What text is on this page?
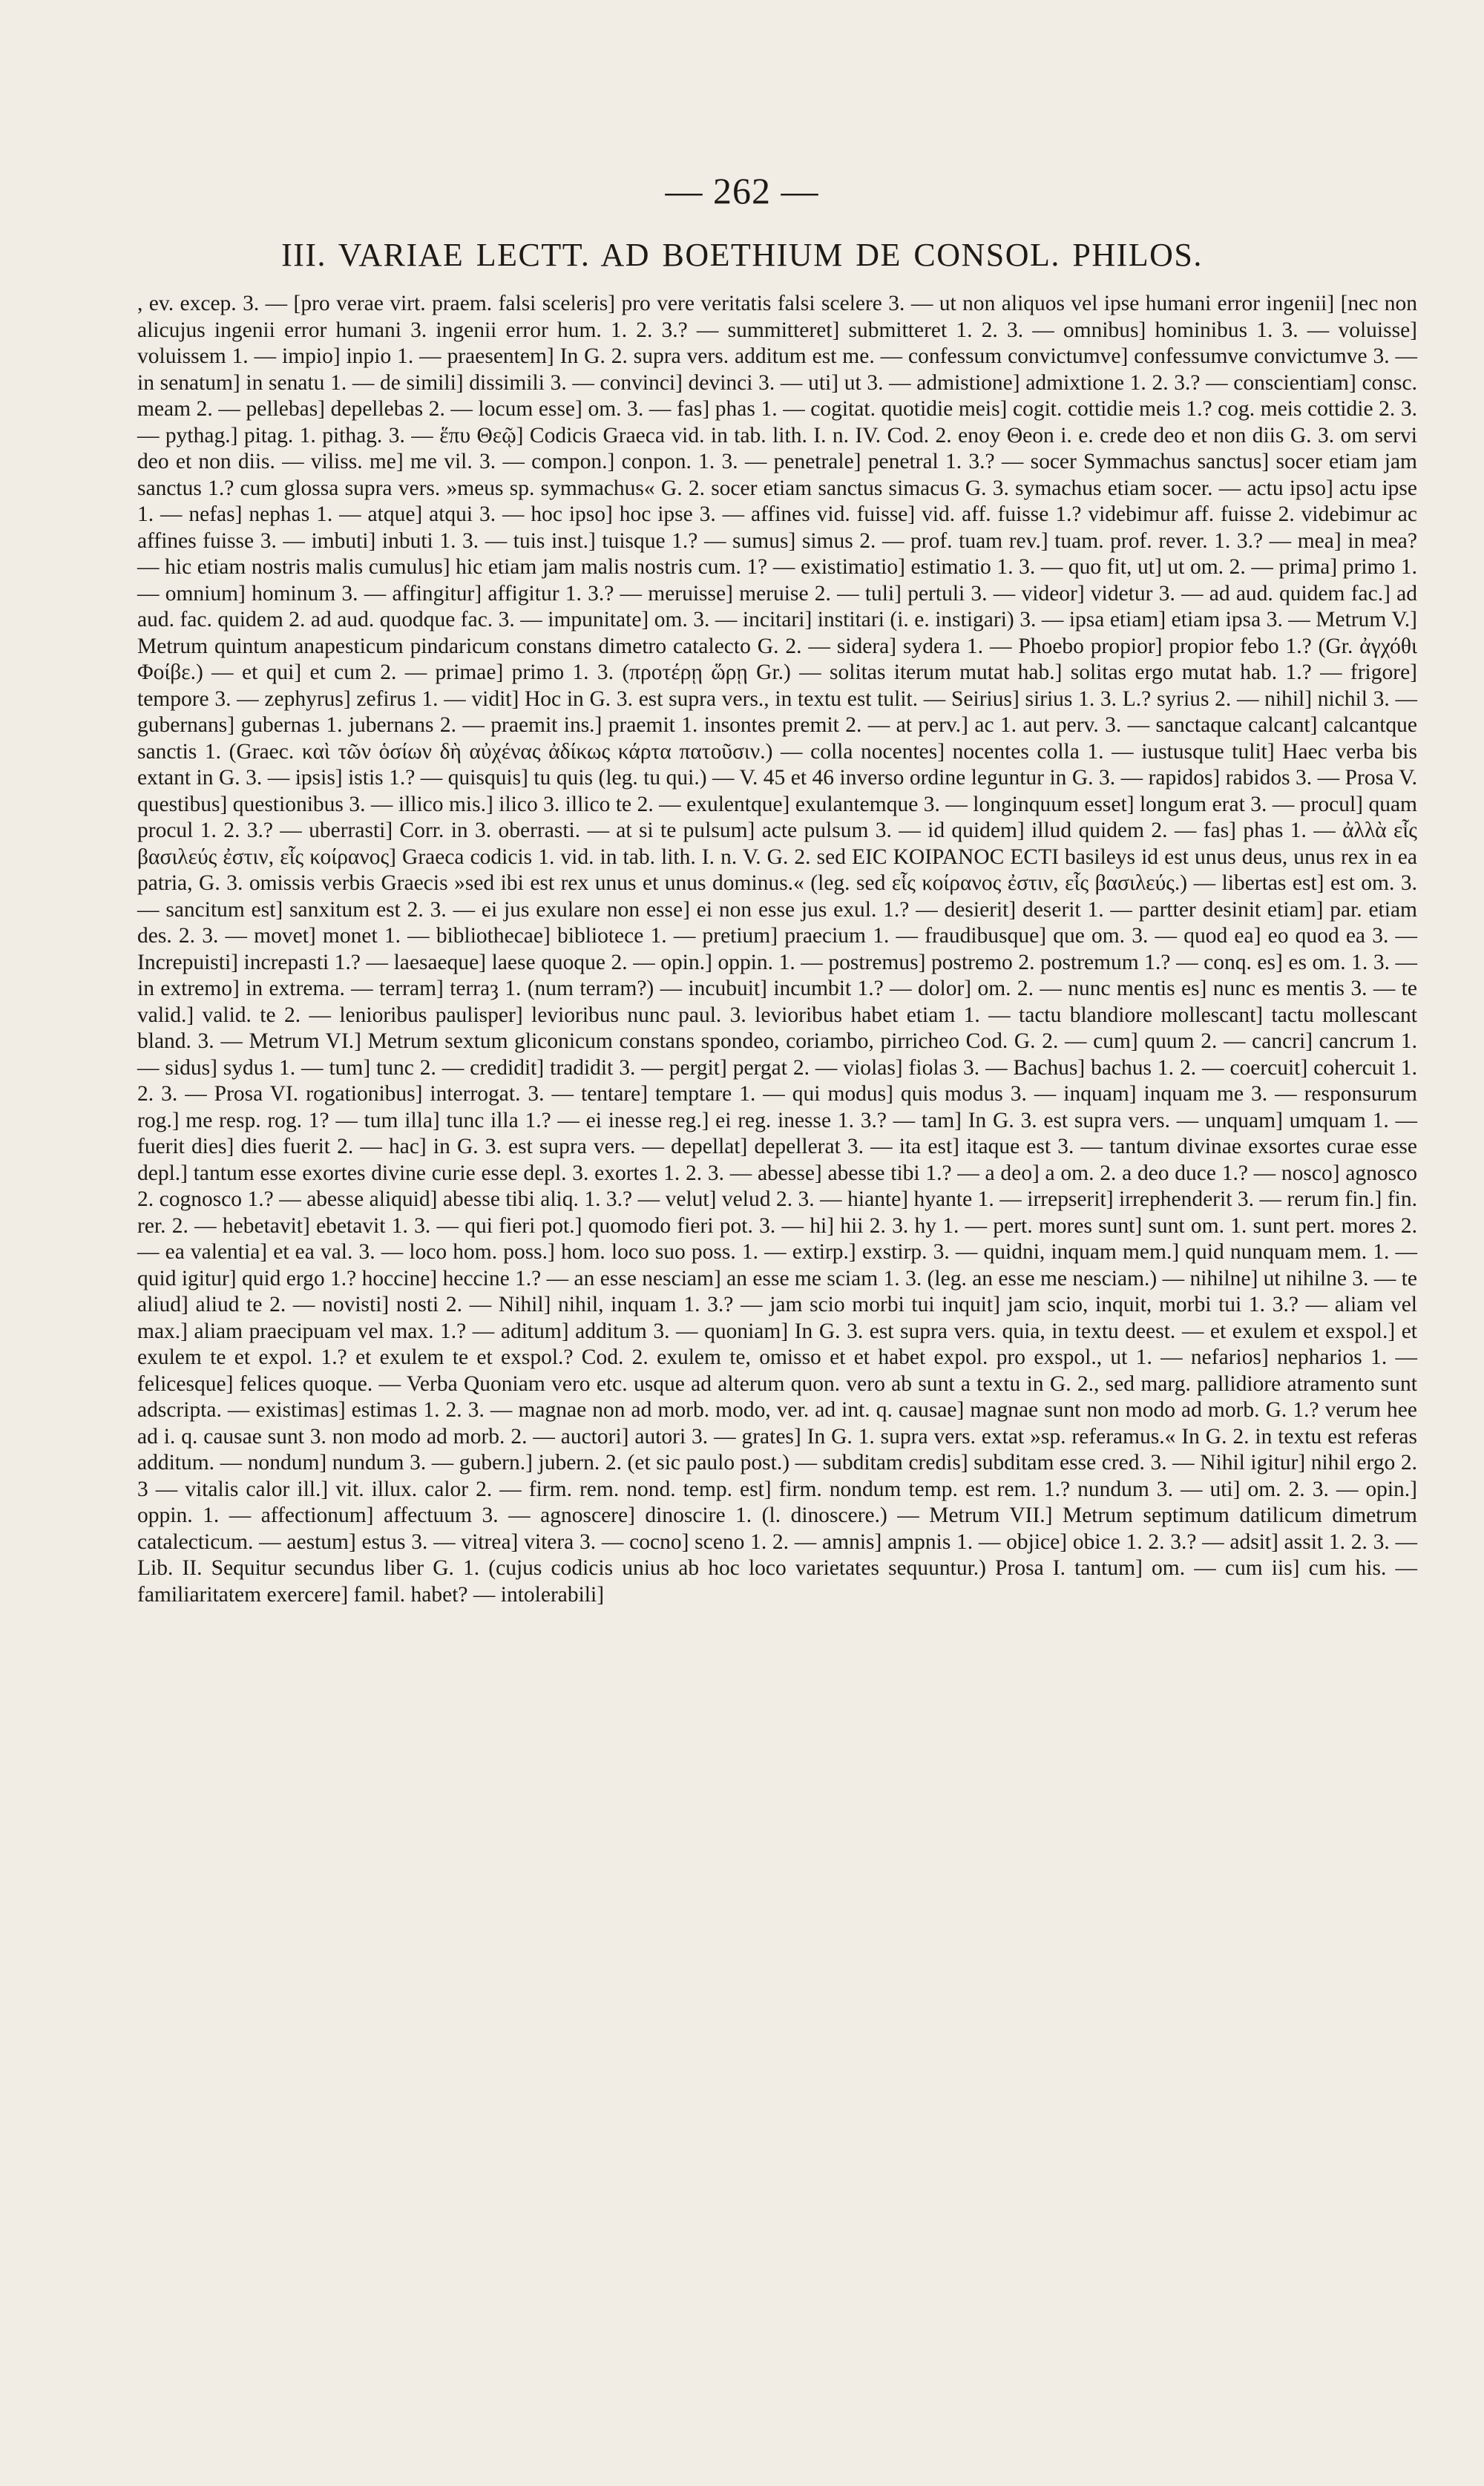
— 262 —
III. VARIAE LECTT. AD BOETHIUM DE CONSOL. PHILOS.

, ev. excep. 3. — [pro verae virt. praem. falsi sceleris] pro vere veritatis falsi scelere 3. — ut non aliquos vel ipse humani error ingenii] [nec non alicujus ingenii error humani 3. ingenii error hum. 1. 2. 3.? — summitteret] submitteret 1. 2. 3. — omnibus] hominibus 1. 3. — voluisse] voluissem 1. — impio] inpio 1. — praesentem] In G. 2. supra vers. additum est me. — confessum convictumve] confessumve convictumve 3. — in senatum] in senatu 1. — de simili] dissimili 3. — convinci] devinci 3. — uti] ut 3. — admistione] admixtione 1. 2. 3.? — conscientiam] consc. meam 2. — pellebas] depellebas 2. — locum esse] om. 3. — fas] phas 1. — cogitat. quotidie meis] cogit. cottidie meis 1.? cog. meis cottidie 2. 3. — pythag.] pitag. 1. pithag. 3. — ἕπυ Θεῷ] Codicis Graeca vid. in tab. lith. I. n. IV. Cod. 2. enoy Θeon i. e. crede deo et non diis G. 3. om servi deo et non diis. — viliss. me] me vil. 3. — compon.] conpon. 1. 3. — penetrale] penetral 1. 3.? — socer Symmachus sanctus] socer etiam jam sanctus 1.? cum glossa supra vers. »meus sp. symmachus« G. 2. socer etiam sanctus simacus G. 3. symachus etiam socer. — actu ipso] actu ipse 1. — nefas] nephas 1. — atque] atqui 3. — hoc ipso] hoc ipse 3. — affines vid. fuisse] vid. aff. fuisse 1.? videbimur aff. fuisse 2. videbimur ac affines fuisse 3. — imbuti] inbuti 1. 3. — tuis inst.] tuisque 1.? — sumus] simus 2. — prof. tuam rev.] tuam. prof. rever. 1. 3.? — mea] in mea? — hic etiam nostris malis cumulus] hic etiam jam malis nostris cum. 1? — existimatio] estimatio 1. 3. — quo fit, ut] ut om. 2. — prima] primo 1. — omnium] hominum 3. — affingitur] affigitur 1. 3.? — meruisse] meruise 2. — tuli] pertuli 3. — videor] videtur 3. — ad aud. quidem fac.] ad aud. fac. quidem 2. ad aud. quodque fac. 3. — impunitate] om. 3. — incitari] institari (i. e. instigari) 3. — ipsa etiam] etiam ipsa 3. — Metrum V.] Metrum quintum anapesticum pindaricum constans dimetro catalecto G. 2. — sidera] sydera 1. — Phoebo propior] propior febo 1.? (Gr. ἀγχόθι Φοίβε.) — et qui] et cum 2. — primae] primo 1. 3. (προτέρῃ ὥρῃ Gr.) — solitas iterum mutat hab.] solitas ergo mutat hab. 1.? — frigore] tempore 3. — zephyrus] zefirus 1. — vidit] Hoc in G. 3. est supra vers., in textu est tulit. — Seirius] sirius 1. 3. L.? syrius 2. — nihil] nichil 3. — gubernans] gubernas 1. jubernans 2. — praemit ins.] praemit 1. insontes premit 2. — at perv.] ac 1. aut perv. 3. — sanctaque calcant] calcantque sanctis 1. (Graec. καὶ τῶν ὁσίων δὴ αὐχένας ἀδίκως κάρτα πατοῦσιν.) — colla nocentes] nocentes colla 1. — iustusque tulit] Haec verba bis extant in G. 3. — ipsis] istis 1.? — quisquis] tu quis (leg. tu qui.) — V. 45 et 46 inverso ordine leguntur in G. 3. — rapidos] rabidos 3. — Prosa V. questibus] questionibus 3. — illico mis.] ilico 3. illico te 2. — exulentque] exulantemque 3. — longinquum esset] longum erat 3. — procul] quam procul 1. 2. 3.? — uberrasti] Corr. in 3. oberrasti. — at si te pulsum] acte pulsum 3. — id quidem] illud quidem 2. — fas] phas 1. — ἀλλὰ εἷς βασιλεύς ἐστιν, εἷς κοίρανος] Graeca codicis 1. vid. in tab. lith. I. n. V. G. 2. sed EIC KOIPANOC ECTI basileys id est unus deus, unus rex in ea patria, G. 3. omissis verbis Graecis »sed ibi est rex unus et unus dominus.« (leg. sed εἷς κοίρανος ἐστιν, εἷς βασιλεύς.) — libertas est] est om. 3. — sancitum est] sanxitum est 2. 3. — ei jus exulare non esse] ei non esse jus exul. 1.? — desierit] deserit 1. — partter desinit etiam] par. etiam des. 2. 3. — movet] monet 1. — bibliothecae] bibliotece 1. — pretium] praecium 1. — fraudibusque] que om. 3. — quod ea] eo quod ea 3. — Increpuisti] increpasti 1.? — laesaeque] laese quoque 2. — opin.] oppin. 1. — postremus] postremo 2. postremum 1.? — conq. es] es om. 1. 3. — in extremo] in extrema. — terram] terraȝ 1. (num terram?) — incubuit] incumbit 1.? — dolor] om. 2. — nunc mentis es] nunc es mentis 3. — te valid.] valid. te 2. — lenioribus paulisper] levioribus nunc paul. 3. levioribus habet etiam 1. — tactu blandiore mollescant] tactu mollescant bland. 3. — Metrum VI.] Metrum sextum gliconicum constans spondeo, coriambo, pirricheo Cod. G. 2. — cum] quum 2. — cancri] cancrum 1. — sidus] sydus 1. — tum] tunc 2. — credidit] tradidit 3. — pergit] pergat 2. — violas] fiolas 3. — Bachus] bachus 1. 2. — coercuit] cohercuit 1. 2. 3. — Prosa VI. rogationibus] interrogat. 3. — tentare] temptare 1. — qui modus] quis modus 3. — inquam] inquam me 3. — responsurum rog.] me resp. rog. 1? — tum illa] tunc illa 1.? — ei inesse reg.] ei reg. inesse 1. 3.? — tam] In G. 3. est supra vers. — unquam] umquam 1. — fuerit dies] dies fuerit 2. — hac] in G. 3. est supra vers. — depellat] depellerat 3. — ita est] itaque est 3. — tantum divinae exsortes curae esse depl.] tantum esse exortes divine curie esse depl. 3. exortes 1. 2. 3. — abesse] abesse tibi 1.? — a deo] a om. 2. a deo duce 1.? — nosco] agnosco 2. cognosco 1.? — abesse aliquid] abesse tibi aliq. 1. 3.? — velut] velud 2. 3. — hiante] hyante 1. — irrepserit] irrephenderit 3. — rerum fin.] fin. rer. 2. — hebetavit] ebetavit 1. 3. — qui fieri pot.] quomodo fieri pot. 3. — hi] hii 2. 3. hy 1. — pert. mores sunt] sunt om. 1. sunt pert. mores 2. — ea valentia] et ea val. 3. — loco hom. poss.] hom. loco suo poss. 1. — extirp.] exstirp. 3. — quidni, inquam mem.] quid nunquam mem. 1. — quid igitur] quid ergo 1.? hoccine] heccine 1.? — an esse nesciam] an esse me sciam 1. 3. (leg. an esse me nesciam.) — nihilne] ut nihilne 3. — te aliud] aliud te 2. — novisti] nosti 2. — Nihil] nihil, inquam 1. 3.? — jam scio morbi tui inquit] jam scio, inquit, morbi tui 1. 3.? — aliam vel max.] aliam praecipuam vel max. 1.? — aditum] additum 3. — quoniam] In G. 3. est supra vers. quia, in textu deest. — et exulem et exspol.] et exulem te et expol. 1.? et exulem te et exspol.? Cod. 2. exulem te, omisso et et habet expol. pro exspol., ut 1. — nefarios] nepharios 1. — felicesque] felices quoque. — Verba Quoniam vero etc. usque ad alterum quon. vero ab sunt a textu in G. 2., sed marg. pallidiore atramento sunt adscripta. — existimas] estimas 1. 2. 3. — magnae non ad morb. modo, ver. ad int. q. causae] magnae sunt non modo ad morb. G. 1.? verum hee ad i. q. causae sunt 3. non modo ad morb. 2. — auctori] autori 3. — grates] In G. 1. supra vers. extat »sp. referamus.« In G. 2. in textu est referas additum. — nondum] nundum 3. — gubern.] jubern. 2. (et sic paulo post.) — subditam credis] subditam esse cred. 3. — Nihil igitur] nihil ergo 2. 3 — vitalis calor ill.] vit. illux. calor 2. — firm. rem. nond. temp. est] firm. nondum temp. est rem. 1.? nundum 3. — uti] om. 2. 3. — opin.] oppin. 1. — affectionum] affectuum 3. — agnoscere] dinoscire 1. (l. dinoscere.) — Metrum VII.] Metrum septimum datilicum dimetrum catalecticum. — aestum] estus 3. — vitrea] vitera 3. — cocno] sceno 1. 2. — amnis] ampnis 1. — objice] obice 1. 2. 3.? — adsit] assit 1. 2. 3. — Lib. II. Sequitur secundus liber G. 1. (cujus codicis unius ab hoc loco varietates sequuntur.) Prosa I. tantum] om. — cum iis] cum his. — familiaritatem exercere] famil. habet? — intolerabili]
